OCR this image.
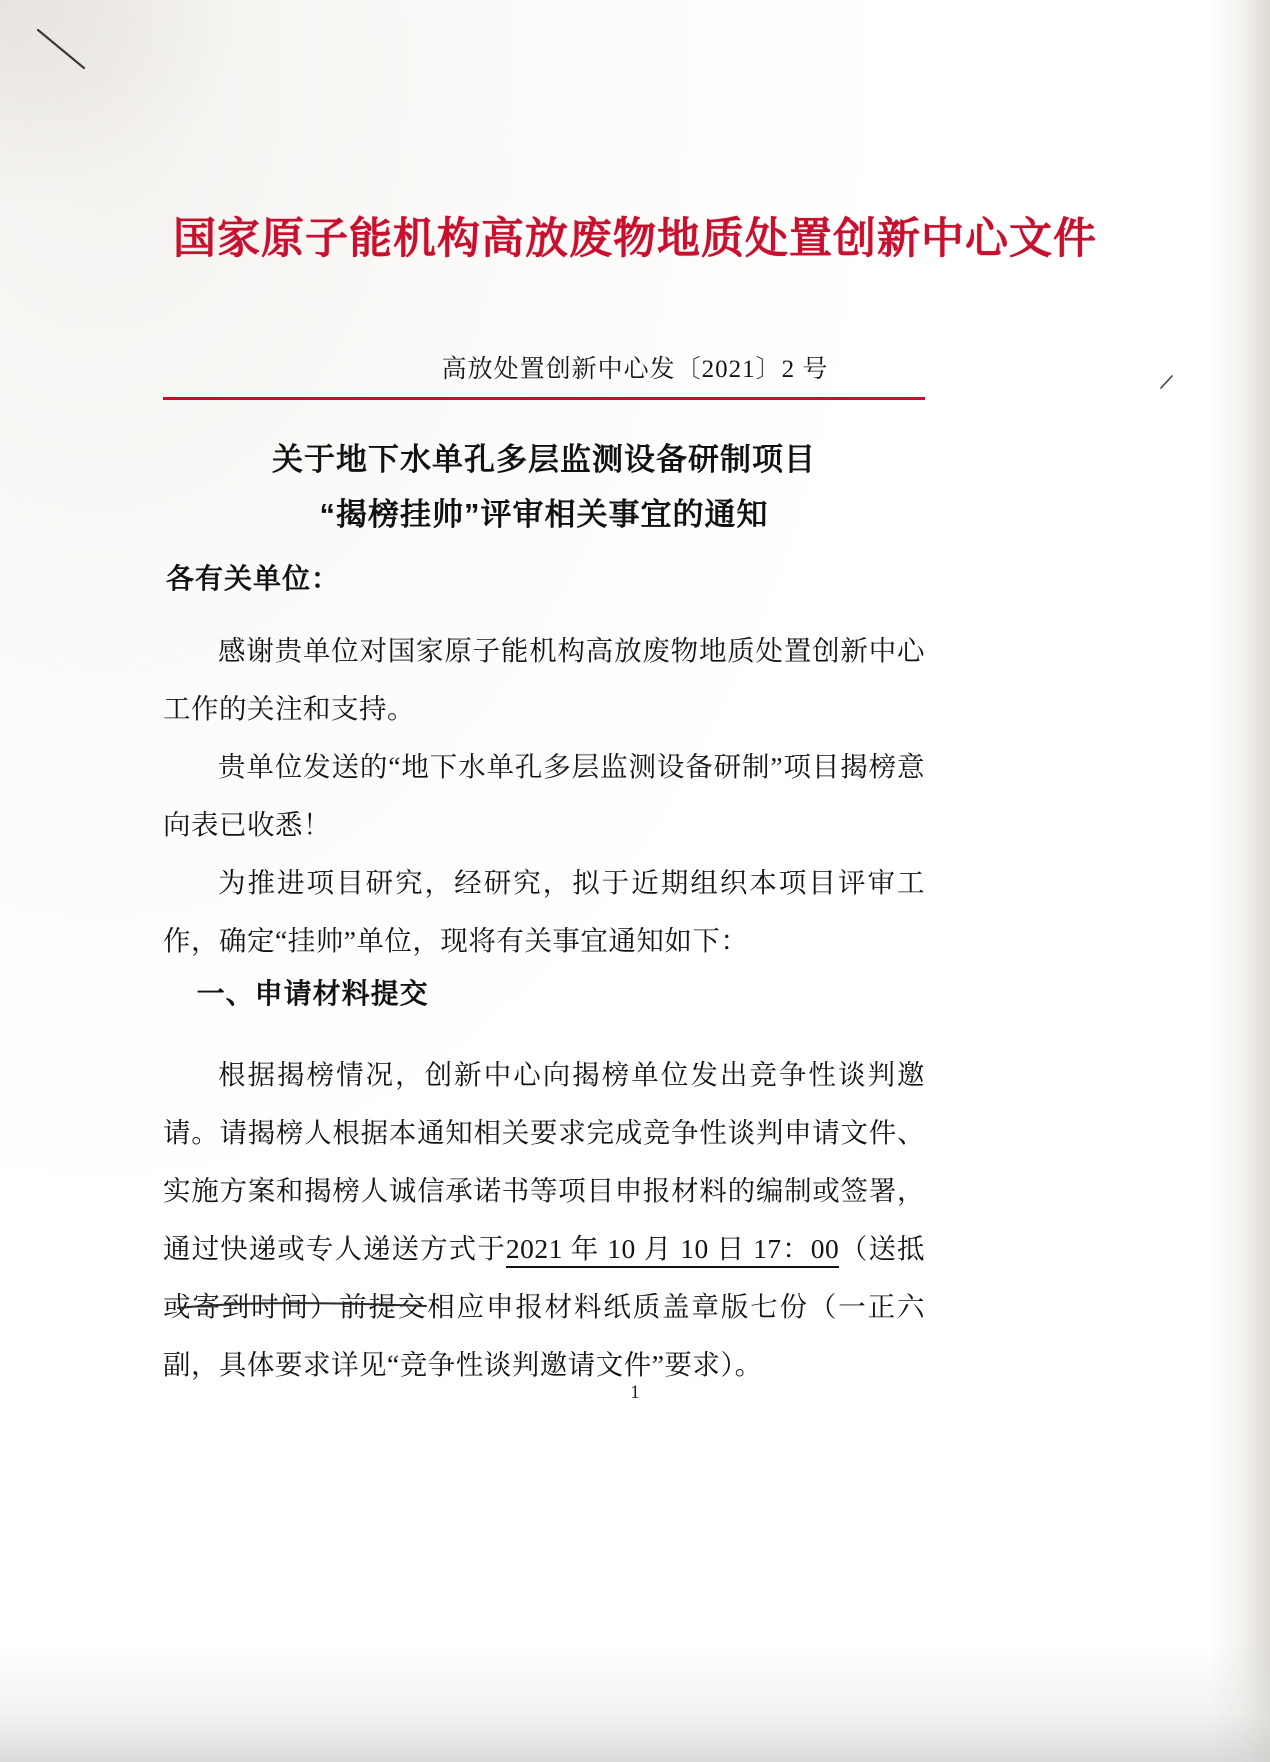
国家原子能机构高放废物地质处置创新中心文件
高放处置创新中心发〔2021〕2 号
关于地下水单孔多层监测设备研制项目
“揭榜挂帅”评审相关事宜的通知
各有关单位：

感谢贵单位对国家原子能机构高放废物地质处置创新中心工作的关注和支持。

贵单位发送的“地下水单孔多层监测设备研制”项目揭榜意向表已收悉！

为推进项目研究，经研究，拟于近期组织本项目评审工作，确定“挂帅”单位，现将有关事宜通知如下：

一、申请材料提交

根据揭榜情况，创新中心向揭榜单位发出竞争性谈判邀请。请揭榜人根据本通知相关要求完成竞争性谈判申请文件、实施方案和揭榜人诚信承诺书等项目申报材料的编制或签署，通过快递或专人递送方式于2021 年 10 月 10 日 17：00（送抵或寄到时间）前提交相应申报材料纸质盖章版七份（一正六副，具体要求详见“竞争性谈判邀请文件”要求）。

1
